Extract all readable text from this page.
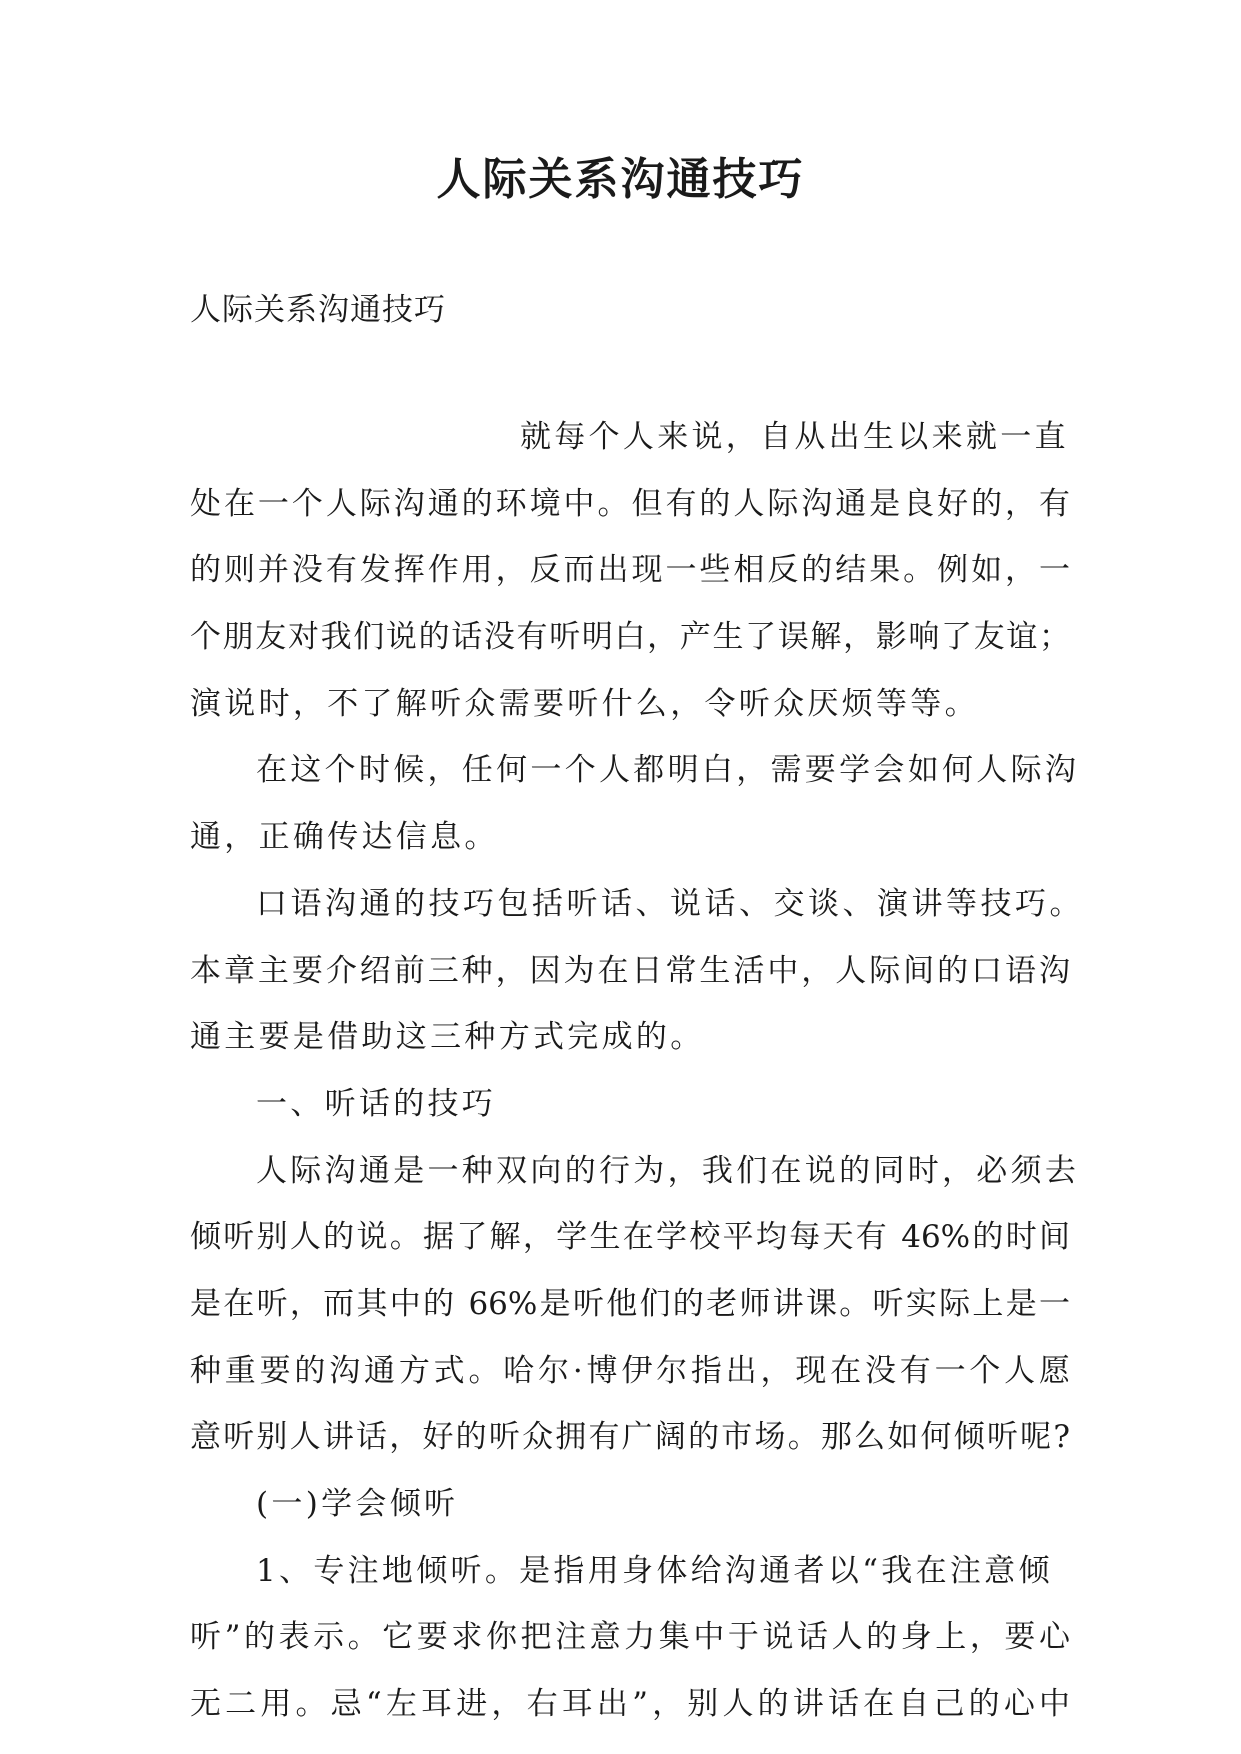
人际关系沟通技巧
人际关系沟通技巧
就每个人来说，自从出生以来就一直
处在一个人际沟通的环境中。但有的人际沟通是良好的，有
的则并没有发挥作用，反而出现一些相反的结果。例如，一
个朋友对我们说的话没有听明白，产生了误解，影响了友谊；
演说时，不了解听众需要听什么，令听众厌烦等等。
在这个时候，任何一个人都明白，需要学会如何人际沟
通，正确传达信息。
口语沟通的技巧包括听话、说话、交谈、演讲等技巧。
本章主要介绍前三种，因为在日常生活中，人际间的口语沟
通主要是借助这三种方式完成的。
一、听话的技巧
人际沟通是一种双向的行为，我们在说的同时，必须去
倾听别人的说。据了解，学生在学校平均每天有 46%的时间
是在听，而其中的 66%是听他们的老师讲课。听实际上是一
种重要的沟通方式。哈尔·博伊尔指出，现在没有一个人愿
意听别人讲话，好的听众拥有广阔的市场。那么如何倾听呢?
(一)学会倾听
1、专注地倾听。是指用身体给沟通者以“我在注意倾
听”的表示。它要求你把注意力集中于说话人的身上，要心
无二用。忌“左耳进，右耳出”，别人的讲话在自己的心中
